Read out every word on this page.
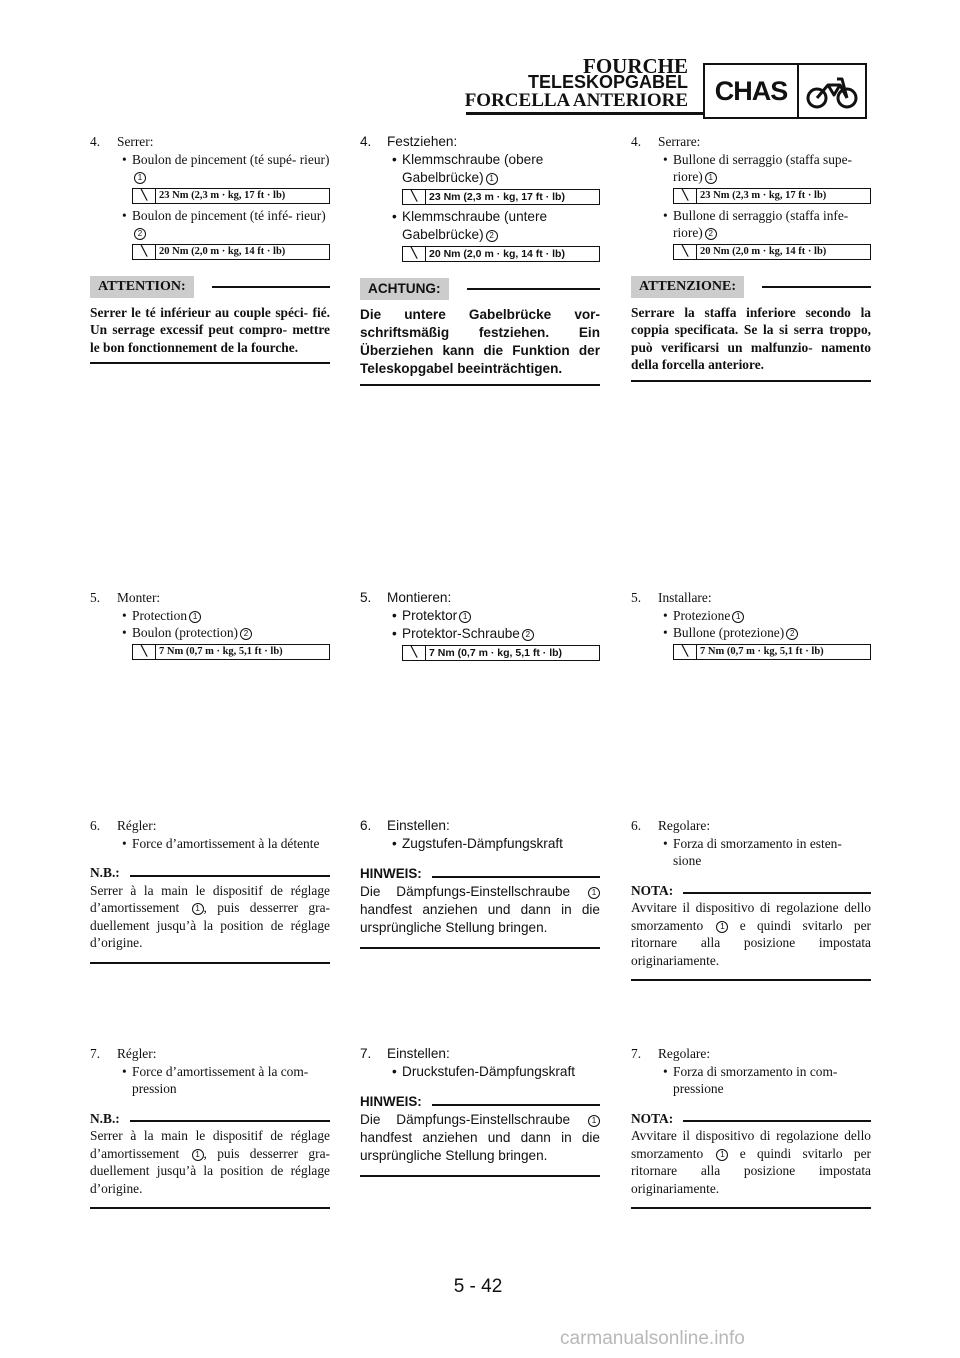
FOURCHE
TELESKOPGABEL
FORCELLA ANTERIORE CHAS
4. Serrer:
• Boulon de pincement (té supé- rieur)1
╲	23 Nm (2,3 m · kg, 17 ft · lb)
• Boulon de pincement (té infé- rieur)2
╲	20 Nm (2,0 m · kg, 14 ft · lb)
ATTENTION:
Serrer le té inférieur au couple spéci- fié. Un serrage excessif peut compro- mettre le bon fonctionnement de la fourche.
5. Monter:
• Protection 1
• Boulon (protection) 2
╲	7 Nm (0,7 m · kg, 5,1 ft · lb)
6. Régler:
• Force d’amortissement à la détente
N.B.:
Serrer à la main le dispositif de réglage d’amortissement 1 , puis desserrer gra- duellement jusqu’à la position de réglage d’origine.
7. Régler:
• Force d’amortissement à la com- pression
N.B.:
Serrer à la main le dispositif de réglage d’amortissement 1 , puis desserrer gra- duellement jusqu’à la position de réglage d’origine.
4. Festziehen:
• Klemmschraube (obere Gabelbrücke) 1
╲	23 Nm (2,3 m · kg, 17 ft · lb)
• Klemmschraube (untere Gabelbrücke) 2
╲	20 Nm (2,0 m · kg, 14 ft · lb)
ACHTUNG:
Die untere Gabelbrücke vor- schriftsmäßig festziehen. Ein Überziehen kann die Funktion der Teleskopgabel beeinträchtigen.
5. Montieren:
• Protektor 1
• Protektor-Schraube 2
╲	7 Nm (0,7 m · kg, 5,1 ft · lb)
6. Einstellen:
• Zugstufen-Dämpfungskraft
HINWEIS:
Die Dämpfungs-Einstellschraube	1 handfest anziehen und dann in die ursprüngliche Stellung bringen.
7. Einstellen:
• Druckstufen-Dämpfungskraft
HINWEIS:
Die Dämpfungs-Einstellschraube	1 handfest anziehen und dann in die ursprüngliche Stellung bringen.
4. Serrare:
• Bullone di serraggio (staffa supe- riore) 1
╲	23 Nm (2,3 m · kg, 17 ft · lb)
• Bullone di serraggio (staffa infe- riore) 2
╲	20 Nm (2,0 m · kg, 14 ft · lb)
ATTENZIONE:
Serrare la staffa inferiore secondo la coppia specificata. Se la si serra troppo, può verificarsi un malfunzio- namento della forcella anteriore.
5. Installare:
• Protezione 1
• Bullone (protezione) 2
╲	7 Nm (0,7 m · kg, 5,1 ft · lb)
6. Regolare:
• Forza di smorzamento in esten- sione
NOTA:
Avvitare il dispositivo di regolazione dello smorzamento 1 e quindi svitarlo per ritornare alla posizione impostata originariamente.
7. Regolare:
• Forza di smorzamento in com- pressione
NOTA:
Avvitare il dispositivo di regolazione dello smorzamento 1 e quindi svitarlo per ritornare alla posizione impostata originariamente.
5 - 42
carmanualsonline.info
